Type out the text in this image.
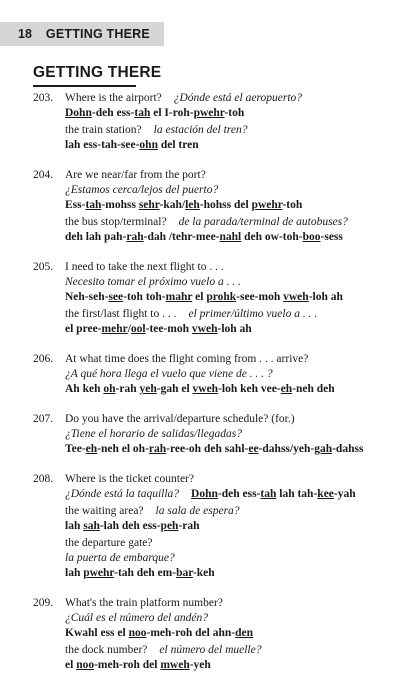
18 GETTING THERE
GETTING THERE
203.	Where is the airport? ¿Dónde está el aeropuerto?
Dohn-deh ess-tah el I-roh-pwehr-toh
the train station? la estación del tren?
lah ess-tah-see-ohn del tren
204.	Are we near/far from the port?
¿Estamos cerca/lejos del puerto?
Ess-tah-mohss sehr-kah/leh-hohss del pwehr-toh
the bus stop/terminal? de la parada/terminal de autobuses?
deh lah pah-rah-dah /tehr-mee-nahl deh ow-toh-boo-sess
205.	I need to take the next flight to . . .
Necesito tomar el próximo vuelo a . . .
Neh-seh-see-toh toh-mahr el prohk-see-moh vweh-loh ah
the first/last flight to . . . el primer/último vuelo a . . .
el pree-mehr/ool-tee-moh vweh-loh ah
206.	At what time does the flight coming from . . . arrive?
¿A qué hora llega el vuelo que viene de . . . ?
Ah keh oh-rah yeh-gah el vweh-loh keh vee-eh-neh deh
207.	Do you have the arrival/departure schedule? (for.)
¿Tiene el horario de salidas/llegadas?
Tee-eh-neh el oh-rah-ree-oh deh sahl-ee-dahss/yeh-gah-dahss
208.	Where is the ticket counter?
¿Dónde está la taquilla? Dohn-deh ess-tah lah tah-kee-yah
the waiting area? la sala de espera?
lah sah-lah deh ess-peh-rah
the departure gate?
la puerta de embarque?
lah pwehr-tah deh em-bar-keh
209.	What's the train platform number?
¿Cuál es el número del andén?
Kwahl ess el noo-meh-roh del ahn-den
the dock number? el número del muelle?
el noo-meh-roh del mweh-yeh
